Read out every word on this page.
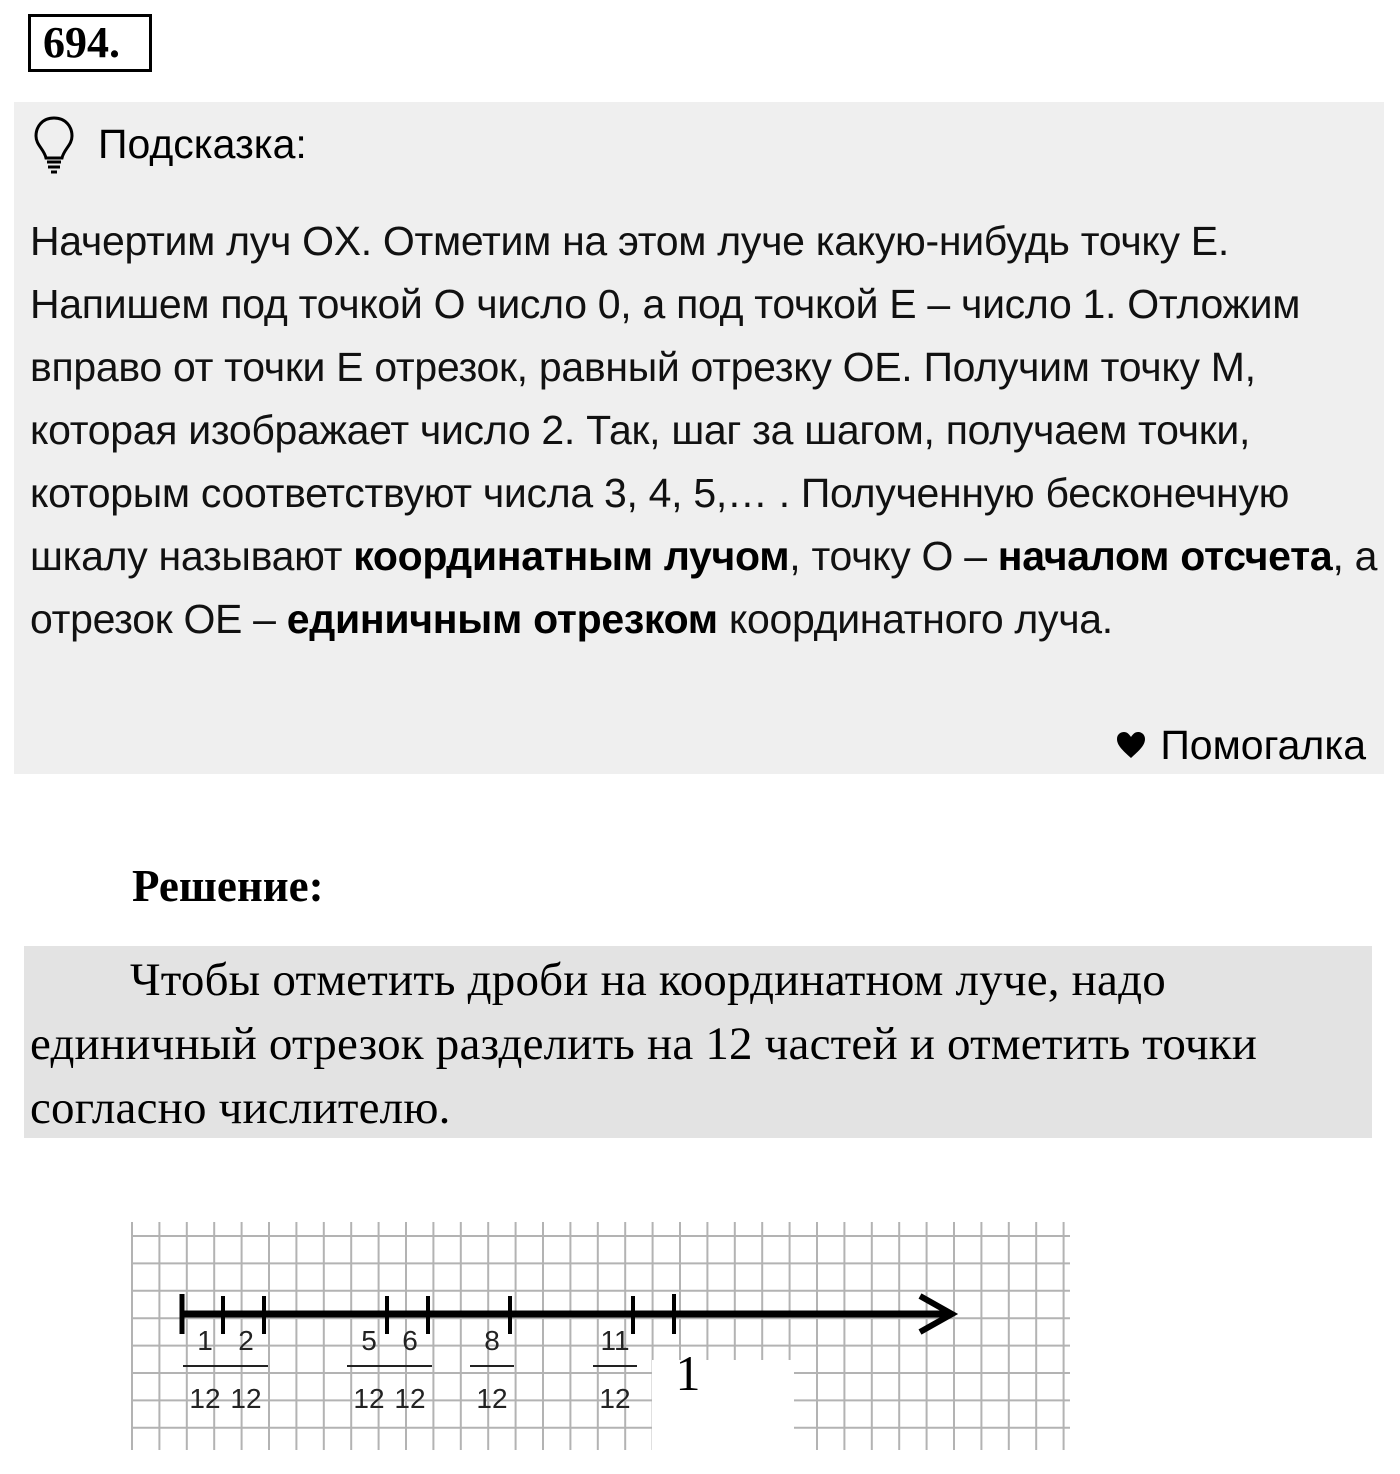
694.
Подсказка:
Начертим луч OX. Отметим на этом луче какую-нибудь точку E. Напишем под точкой O число 0, а под точкой E – число 1. Отложим вправо от точки E отрезок, равный отрезку OE. Получим точку M, которая изображает число 2. Так, шаг за шагом, получаем точки, которым соответствуют числа 3, 4, 5,… . Полученную бесконечную шкалу называют координатным лучом, точку O – началом отсчета, а отрезок OE – единичным отрезком координатного луча.
Помогалка
Решение:
Чтобы отметить дроби на координатном луче, надо единичный отрезок разделить на 12 частей и отметить точки согласно числителю.
1
12
2
12
5
12
6
12
8
12
11
12 1
